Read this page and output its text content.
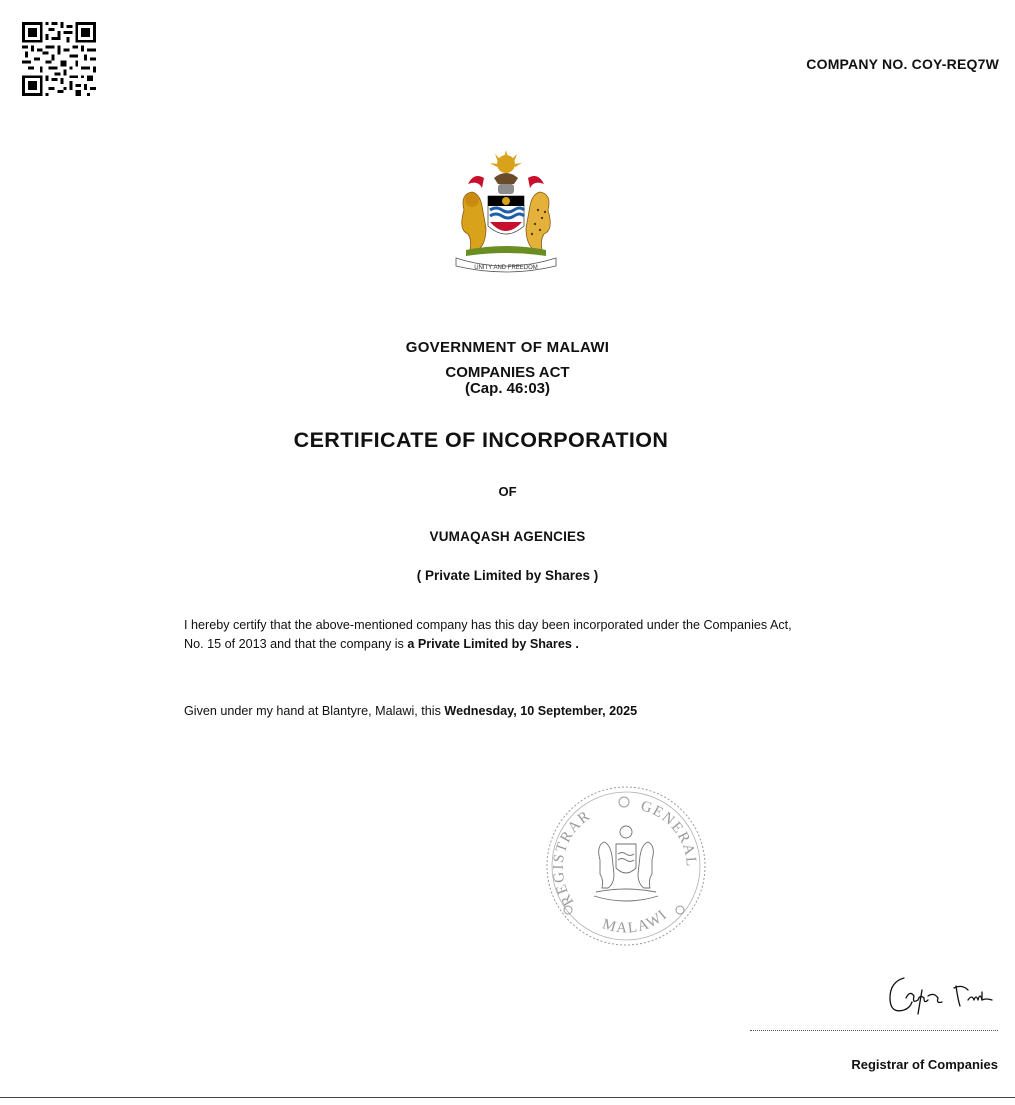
COMPANY NO. COY-REQ7W
UNITY AND FREEDOM
GOVERNMENT OF MALAWI
COMPANIES ACT
(Cap. 46:03)
CERTIFICATE OF INCORPORATION
OF
VUMAQASH AGENCIES
( Private Limited by Shares )
I hereby certify that the above-mentioned company has this day been incorporated under the Companies Act,
No. 15 of 2013 and that the company is a Private Limited by Shares .
Given under my hand at Blantyre, Malawi, this Wednesday, 10 September, 2025
REGISTRAR
GENERAL
MALAWI
Registrar of Companies
